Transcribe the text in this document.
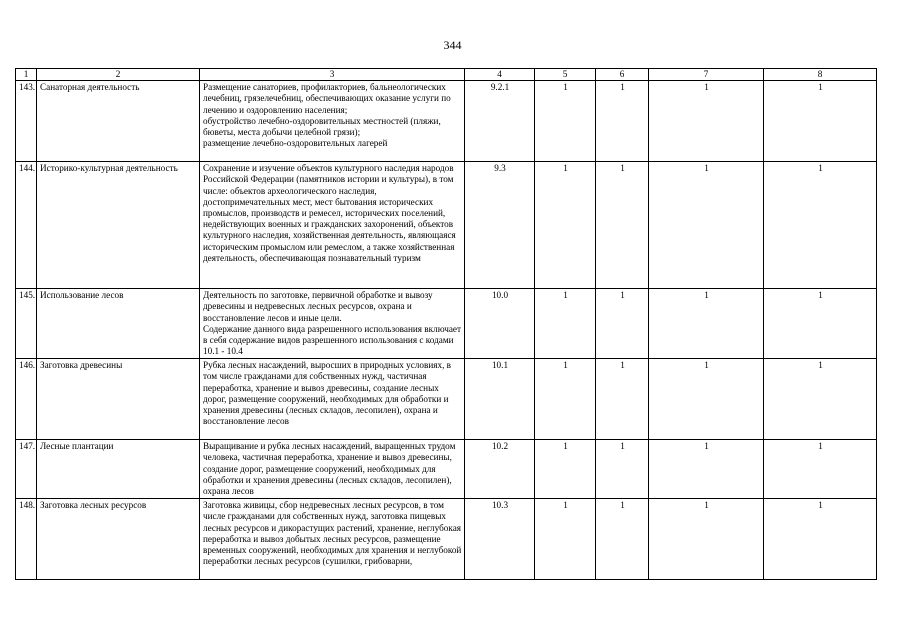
344
1	2	3	4	5	6	7	8
143.	Санаторная деятельность	Размещение санаториев, профилакториев, бальнеологических лечебниц, грязелечебниц, обеспечивающих оказание услуги по лечению и оздоровлению населения;
обустройство лечебно-оздоровительных местностей (пляжи, бюветы, места добычи целебной грязи);
размещение лечебно-оздоровительных лагерей	9.2.1	1	1	1	1
144.	Историко-культурная деятельность	Сохранение и изучение объектов культурного наследия народов Российской Федерации (памятников истории и культуры), в том числе: объектов археологического наследия, достопримечательных мест, мест бытования исторических промыслов, производств и ремесел, исторических поселений, недействующих военных и гражданских захоронений, объектов культурного наследия, хозяйственная деятельность, являющаяся историческим промыслом или ремеслом, а также хозяйственная деятельность, обеспечивающая познавательный туризм	9.3	1	1	1	1
145.	Использование лесов	Деятельность по заготовке, первичной обработке и вывозу древесины и недревесных лесных ресурсов, охрана и восстановление лесов и иные цели.
Содержание данного вида разрешенного использования включает в себя содержание видов разрешенного использования с кодами 10.1 - 10.4	10.0	1	1	1	1
146.	Заготовка древесины	Рубка лесных насаждений, выросших в природных условиях, в том числе гражданами для собственных нужд, частичная переработка, хранение и вывоз древесины, создание лесных дорог, размещение сооружений, необходимых для обработки и хранения древесины (лесных складов, лесопилен), охрана и восстановление лесов	10.1	1	1	1	1
147.	Лесные плантации	Выращивание и рубка лесных насаждений, выращенных трудом человека, частичная переработка, хранение и вывоз древесины, создание дорог, размещение сооружений, необходимых для обработки и хранения древесины (лесных складов, лесопилен), охрана лесов	10.2	1	1	1	1
148.	Заготовка лесных ресурсов	Заготовка живицы, сбор недревесных лесных ресурсов, в том числе гражданами для собственных нужд, заготовка пищевых лесных ресурсов и дикорастущих растений, хранение, неглубокая переработка и вывоз добытых лесных ресурсов, размещение временных сооружений, необходимых для хранения и неглубокой переработки лесных ресурсов (сушилки, грибоварни,	10.3	1	1	1	1
